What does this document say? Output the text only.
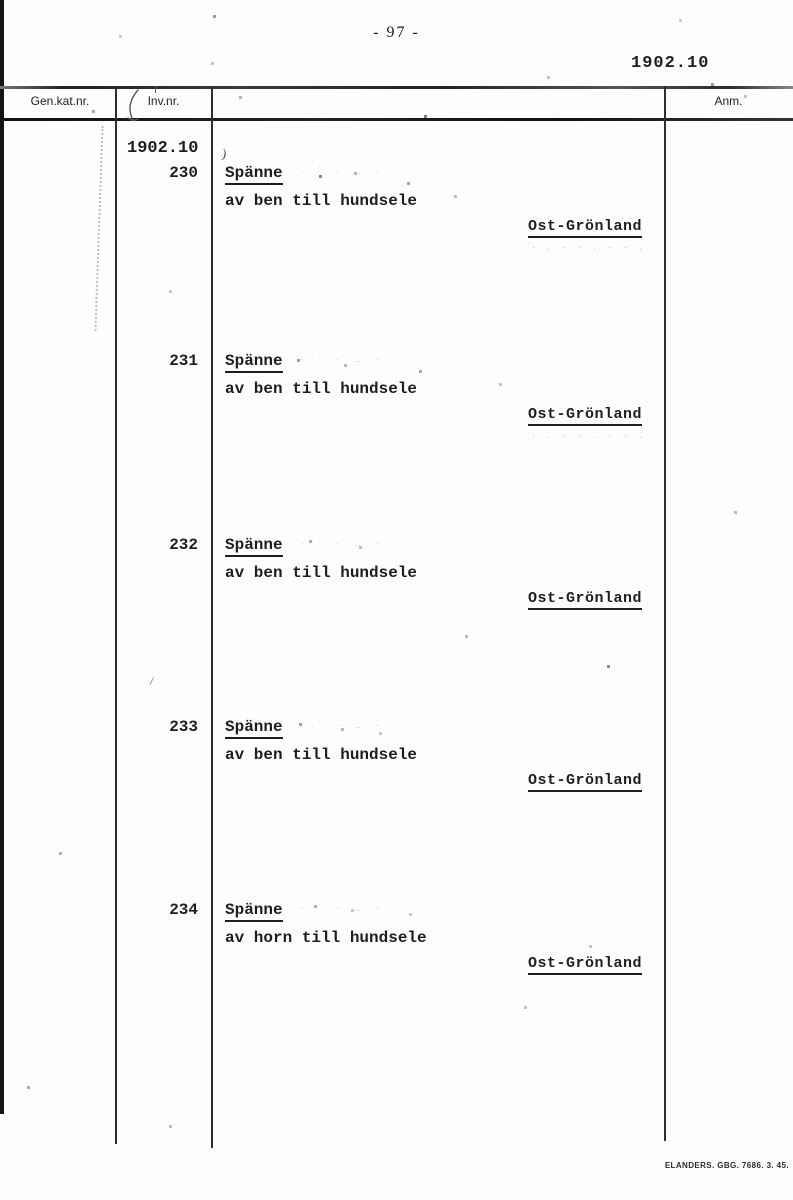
- 97 -
1902.10
Gen.kat.nr.	Inv.nr.	Anm.
1902.10
230 Spänne · ˙ · ‥ ·
av ben till hundsele
Ost-Grönland
· . · · . · · .
231 Spänne · ˙ · ‥ ·
av ben till hundsele
Ost-Grönland
· . · · . · · .
232 Spänne · ˙ · ‥ ·
av ben till hundsele
Ost-Grönland
233 Spänne · ˙ · ‥ ·
av ben till hundsele
Ost-Grönland
234 Spänne · ˙ · ‥ ·
av horn till hundsele
Ost-Grönland
)
/
ELANDERS. GBG. 7686. 3. 45.
